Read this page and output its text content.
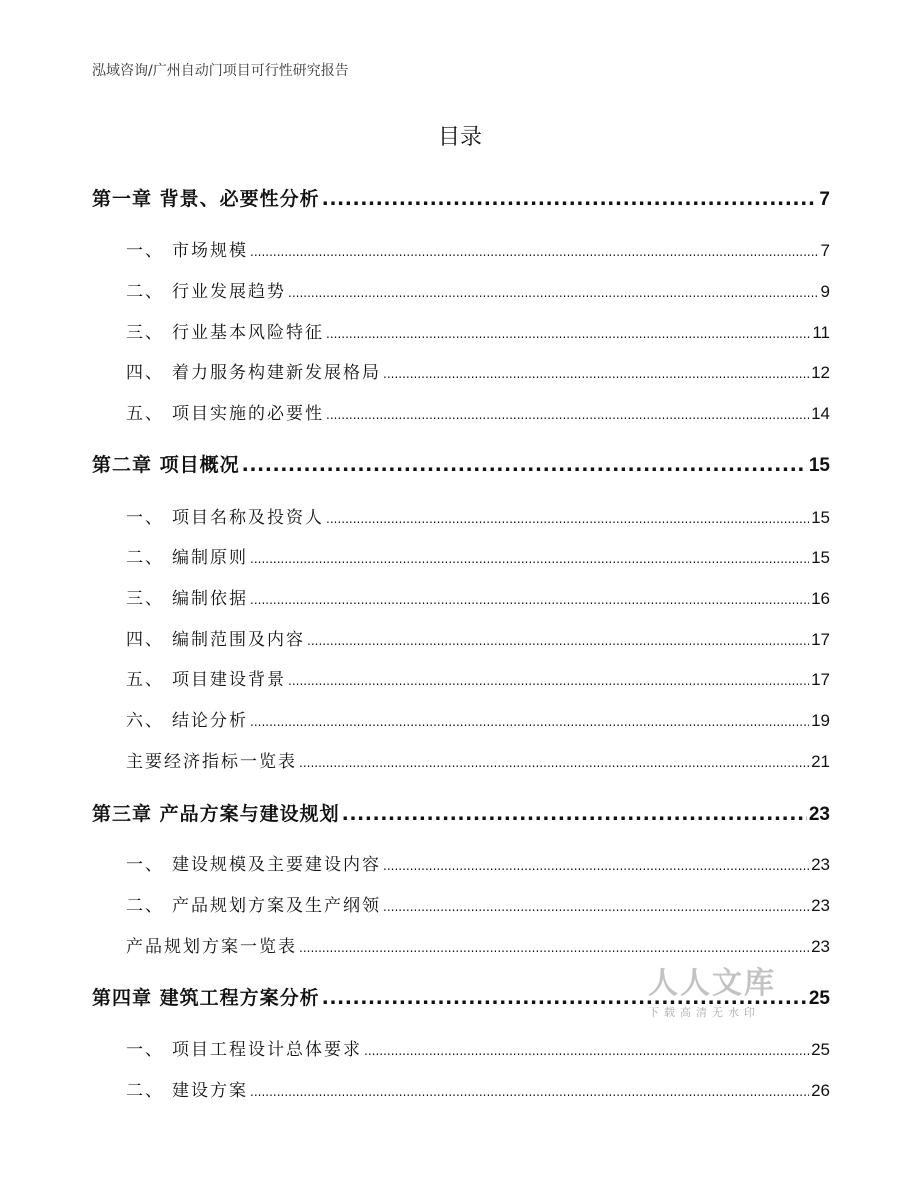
泓域咨询/广州自动门项目可行性研究报告
目录
第一章 背景、必要性分析 .....	7
一、 市场规模 .....	7
二、 行业发展趋势 .....	9
三、 行业基本风险特征 .....	11
四、 着力服务构建新发展格局 .....	12
五、 项目实施的必要性 .....	14
第二章 项目概况 .....	15
一、 项目名称及投资人 .....	15
二、 编制原则 .....	15
三、 编制依据 .....	16
四、 编制范围及内容 .....	17
五、 项目建设背景 .....	17
六、 结论分析 .....	19
主要经济指标一览表 .....	21
第三章 产品方案与建设规划 .....	23
一、 建设规模及主要建设内容 .....	23
二、 产品规划方案及生产纲领 .....	23
产品规划方案一览表 .....	23
第四章 建筑工程方案分析 .....	25
一、 项目工程设计总体要求 .....	25
二、 建设方案 .....	26
人人文库
下载高清无水印
